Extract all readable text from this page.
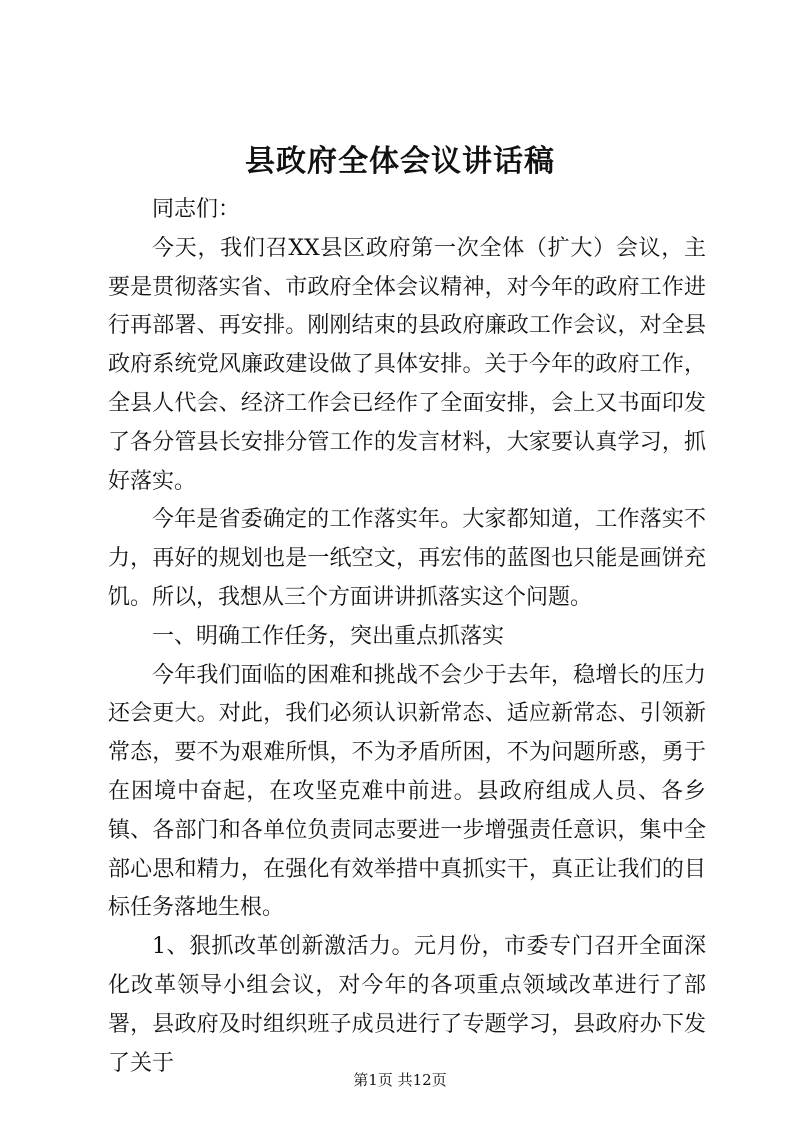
县政府全体会议讲话稿

同志们：

今天，我们召XX县区政府第一次全体（扩大）会议，主要是贯彻落实省、市政府全体会议精神，对今年的政府工作进行再部署、再安排。刚刚结束的县政府廉政工作会议，对全县政府系统党风廉政建设做了具体安排。关于今年的政府工作，全县人代会、经济工作会已经作了全面安排，会上又书面印发了各分管县长安排分管工作的发言材料，大家要认真学习，抓好落实。

今年是省委确定的工作落实年。大家都知道，工作落实不力，再好的规划也是一纸空文，再宏伟的蓝图也只能是画饼充饥。所以，我想从三个方面讲讲抓落实这个问题。

一、明确工作任务，突出重点抓落实

今年我们面临的困难和挑战不会少于去年，稳增长的压力还会更大。对此，我们必须认识新常态、适应新常态、引领新常态，要不为艰难所惧，不为矛盾所困，不为问题所惑，勇于在困境中奋起，在攻坚克难中前进。县政府组成人员、各乡镇、各部门和各单位负责同志要进一步增强责任意识，集中全部心思和精力，在强化有效举措中真抓实干，真正让我们的目标任务落地生根。

1、狠抓改革创新激活力。元月份，市委专门召开全面深化改革领导小组会议，对今年的各项重点领域改革进行了部署，县政府及时组织班子成员进行了专题学习，县政府办下发了关于

第1页 共12页
